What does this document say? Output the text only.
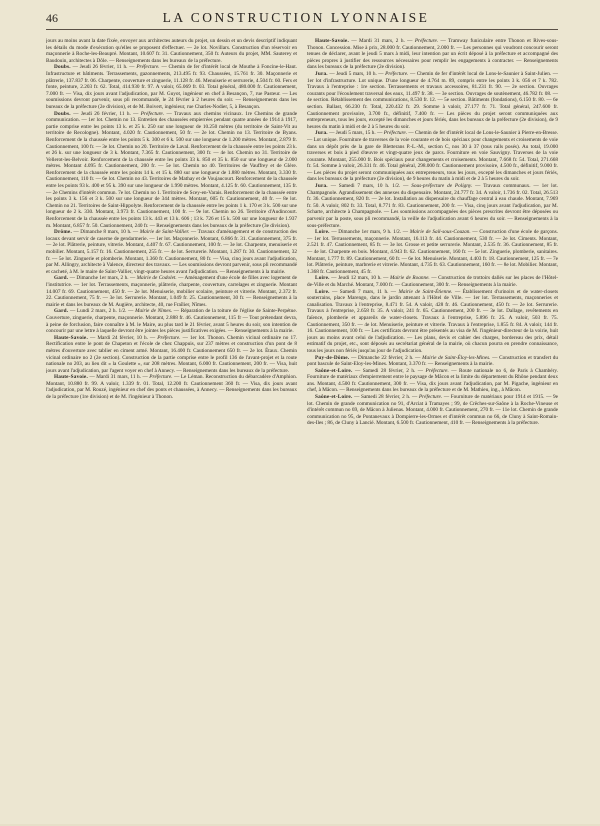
46	LA CONSTRUCTION LYONNAISE

jours au moins avant la date fixée, envoyer aux architectes auteurs du projet, un dessin et un devis descriptif indiquant les détails du mode d'exécution qu'elles se proposent d'effectuer. — 2e lot. Novillars. Construction d'un réservoir en maçonnerie à Roche-les-Beaupré. Montant, 10.607 fr. 31. Cautionnement, 350 fr. Auteurs du projet, MM. Sauterey et Baudouin, architectes à Dôle. — Renseignements dans les bureaux de la préfecture.

Doubs. — Jeudi 26 février, 11 h. — Préfecture. — Chemin de fer d'intérêt local de Mouthe à Foncine-le-Haut. Infrastructure et bâtiments. Terrassements, gazonnements, 213.495 fr. 93. Chaussées, 15.761 fr. 30. Maçonnerie et plâtrerie, 137.837 fr. 06. Charpente, couverture et zinguerie, 11.128 fr. 46. Menuiserie et serrurerie, 4.504 fr. 60. Fers et fonte, peinture, 2.203 fr. 62. Total, 414.930 fr. 97. A valoir, 65.069 fr. 03. Total général, 480.000 fr. Cautionnement, 7.000 fr. — Visa, dix jours avant l'adjudication, par M. Guyot, ingénieur en chef à Besançon, 7, rue Pasteur. — Les soumissions devront parvenir, sous pli recommandé, le 24 février à 2 heures du soir. — Renseignements dans les bureaux de la préfecture (2e division), et de M. Boivert, ingénieur, rue Charles-Nodier, 5, à Besançon.

Doubs. — Jeudi 26 février, 11 h. — Préfecture. — Travaux aux chemins vicinaux. 1re Chemins de grande communication. — 1er lot. Chemin no 13. Entretien des chaussées empierrées pendant quatre années de 1914 à 1917, partie comprise entre les points 13 k. et 25 k. 250 sur une longueur de 10.250 mètres (du territoire de Saint-Vit au territoire de Recologne). Montant, 4.020 fr. Cautionnement, 50 fr. — 2e lot. Chemin no 13. Territoire de Byans. Renforcement de la chaussée entre les points 5 k. 300 et 6 k. 500 sur une longueur de 1.200 mètres. Montant, 2.879 fr. Cautionnement, 100 fr. — 3e lot. Chemin no 20. Territoire de Laval. Renforcement de la chaussée entre les points 23 k. et 26 k. sur une longueur de 3 k. Montant, 7.365 fr. Cautionnement, 300 fr. — 4e lot. Chemin no 31. Territoire de Vellerot-les-Belvoir. Renforcement de la chaussée entre les points 33 k. 850 et 35 k. 850 sur une longueur de 2.000 mètres. Montant 4.095 fr. Cautionnement, 200 fr. — 5e lot. Chemin no 40. Territoires de Vauffrey et de Glère. Renforcement de la chaussée entre les points 14 k. et 15 k. 880 sur une longueur de 1.880 mètres. Montant, 3.330 fr. Cautionnement, 110 fr. — 6e lot. Chemin no 43. Territoires de Mathay et de Voujaucourt. Renforcement de la chaussée entre les points 93 k. 400 et 95 k. 390 sur une longueur de 1.990 mètres. Montant, 4.125 fr. 60. Cautionnement, 135 fr. — 2e Chemins d'intérêt commun. 7e lot. Chemin no 1. Territoire de Scey-en-Varais. Renforcement de la chaussée entre les points 3 k. 156 et 3 k. 500 sur une longueur de 344 mètres. Montant, 605 fr. Cautionnement, 40 fr. — 8e lot. Chemin no 21. Territoires de Saint-Hippolyte. Renforcement de la chaussée entre les points 1 k. 170 et 3 k. 500 sur une longueur de 2 k. 330. Montant, 3.973 fr. Cautionnement, 100 fr. — 9e lot. Chemin no 26. Territoire d'Audincourt. Renforcement de la chaussée entre les points 13 k. 443 et 13 k. 606 ; 13 k. 726 et 15 k. 500 sur une longueur de 1.937 m. Montant, 6.857 fr. 50. Cautionnement, 240 fr. — Renseignements dans les bureaux de la préfecture (3e division).

Drôme. — Dimanche 8 mars, 10 h. — Mairie de Saint-Vallier. — Travaux d'aménagement et de construction des locaux devant servir de caserne de gendarmerie. — 1er lot. Maçonnerie. Montant, 6.866 fr. 31. Cautionnement, 375 fr. — 2e lot. Plâtrerie, peinture, vitrerie. Montant, 4.407 fr. 67. Cautionnement, 100 fr. — 3e lot. Charpente, menuiserie et mobilier. Montant, 5.157 fr. 16. Cautionnement, 255 fr. — 4e lot. Serrurerie. Montant, 1.287 fr. 30. Cautionnement, 32 fr. — 5e lot. Zinguerie et plomberie. Montant, 1.360 fr. Cautionnement, 80 fr. — Visa, cinq jours avant l'adjudication, par M. Allingry, architecte à Valence, directeur des travaux. — Les soumissions devront parvenir, sous pli recommandé et cacheté, à M. le maire de Saint-Vallier, vingt-quatre heures avant l'adjudication. — Renseignements à la mairie.

Gard. — Dimanche 1er mars, 2 h. — Mairie de Codolet. — Aménagement d'une école de filles avec logement de l'institutrice. — 1er lot. Terrassements, maçonnerie, plâtrerie, charpente, couverture, carrelages et zinguerie. Montant 14.007 fr. 69. Cautionnement, 450 fr. — 2e lot. Menuiserie, mobilier scolaire, peinture et vitrerie. Montant, 2.372 fr. 22. Cautionnement, 75 fr. — 3e lot. Serrurerie. Montant, 1.049 fr. 25. Cautionnement, 30 fr. — Renseignements à la mairie et dans les bureaux de M. Augière, architecte, 40, rue Fraîlier, Nîmes.

Gard. — Lundi 2 mars, 2 h. 1/2. — Mairie de Nîmes. — Réparation de la toiture de l'église de Sainte-Perpétue. Couverture, zinguerie, charpente, maçonnerie. Montant, 2.888 fr. 46. Cautionnement, 115 fr — Tout prétendant devra, à peine de forclusion, faire connaître à M. le Maire, au plus tard le 21 février, avant 5 heures du soir, son intention de concourir par une lettre à laquelle devront être jointes les pièces justificatives exigées. — Renseignements à la mairie.

Haute-Savoie. — Mardi 24 février, 10 h. — Préfecture. — 1er lot. Thonon. Chemin vicinal ordinaire no 17. Rectification entre le pont de Chapeton et l'école de chez Chappuis, sur 237 mètres et construction d'un pont de 8 mètres d'ouverture avec tablier en ciment armé. Montant, 16.400 fr. Cautionnement 650 fr. — 2e lot. Étaux. Chemin vicinal ordinaire no 2 (2e section). Construction de la partie comprise entre le profil 136 de l'avant-projet et la route nationale no 203, au lieu dit « la Goulette », sur 208 mètres. Montant, 6.000 fr. Cautionnement, 200 fr. — Visa, huit jours avant l'adjudication, par l'agent voyer en chef à Annecy. — Renseignements dans les bureaux de la préfecture.

Haute-Savoie. — Mardi 31 mars, 11 h. — Préfecture. — Le Léman. Reconstruction du débarcadère d'Amphion. Montant, 10.880 fr. 99. A valoir, 1.339 fr. 01. Total, 12.200 fr. Cautionnement 360 fr. — Visa, dix jours avant l'adjudication, par M. Rouzé, ingénieur en chef des ponts et chaussées, à Annecy. — Renseignements dans les bureaux de la préfecture (1re division) et de M. l'ingénieur à Thonon.

Haute-Savoie. — Mardi 31 mars, 2 h. — Préfecture. — Tramway funiculaire entre Thonon et Rives-sous-Thonon. Concession. Mise à prix, 28.000 fr. Cautionnement, 2.000 fr. — Les personnes qui voudront concourir seront tenues de déclarer, avant le jeudi 5 mars à midi, leur intention par un écrit déposé à la préfecture et accompagné des pièces propres à justifier des ressources nécessaires pour remplir les engagements à contracter. — Renseignements dans les bureaux de la préfecture (2e division).

Jura. — Jeudi 5 mars, 10 h. — Préfecture. — Chemin de fer d'intérêt local de Lons-le-Saunier à Saint-Julien. — 1er lot d'infrastructure. Lot unique. D'une longueur de 4.764 m. 89, compris entre les points 3 k. 056 et 7 k. 782. Travaux à l'entreprise : 1re section. Terrassements et travaux accessoires, 81.231 fr. 90. — 2e section. Ouvrages courants pour l'écoulement traversal des eaux, 11.497 fr. 38. — 3e section. Ouvrages de soutènement, 46.782 fr. 08. — 4e section. Rétablissement des communications, 8.530 fr. 12. — 5e section. Bâtiments (fondations), 6.150 fr. 80. — 6e section. Ballast, 66.230 fr. Total, 220.432 fr. 29. Somme à valoir, 27.177 fr. 71. Total général, 247.600 fr. Cautionnement provisoire, 3.700 fr., définitif, 7.400 fr. — Les pièces du projet seront communiquées aux entrepreneurs, tous les jours, excepté les dimanches et jours fériés, dans les bureaux de la préfecture (2e division), de 9 heures du matin à midi et de 2 à 5 heures du soir.

Jura. — Jeudi 5 mars, 15 h. — Préfecture. — Chemin de fer d'intérêt local de Lons-le-Saunier à Pierre-en-Bresse. — Lot unique. Fourniture de traverses de la voie courante et de bois spéciaux pour changements et croisements de voie dans un dépôt près de la gare de Bletterans P.-L.-M., section C, nos 30 à 37 (tous rails posés). Au total, 19.000 traverses et bois à pied d'œuvre et vingt-quatre jeux de parcs. Fourniture en voie Sauvigny. Traverses de la voie courante. Montant, 255.000 fr. Bois spéciaux pour changements et croisements. Montant, 7.668 fr. 54. Total, 271.668 fr. 54. Somme à valoir, 26.331 fr. 46. Total général, 298.000 fr. Cautionnement provisoire, 4.500 fr., définitif, 9.000 fr. — Les pièces du projet seront communiquées aux entrepreneurs, tous les jours, excepté les dimanches et jours fériés, dans les bureaux de la préfecture (2e division), de 9 heures du matin à midi et de 2 à 5 heures du soir.

Jura. — Samedi 7 mars, 10 h. 1/2. — Sous-préfecture de Poligny. — Travaux communaux. — 1er lot. Champagnole. Agrandissement des annexes du dispensaire. Montant, 24.777 fr. 34. A valoir, 1.736 fr. 02. Total, 26.513 fr. 36. Cautionnement, 820 fr. — 2e lot. Installation au dispensaire du chauffage central à eau chaude. Montant, 7.969 fr. 50. A valoir, 802 fr. 33. Total, 8.771 fr. 83. Cautionnement, 200 fr. — Visa, cinq jours avant l'adjudication, par M. Scharte, architecte à Champagnole. — Les soumissions accompagnées des pièces prescrites devront être déposées ou parvenir par la poste, sous pli recommandé, la veille de l'adjudication avant 6 heures du soir. — Renseignements à la sous-préfecture.

Loire. — Dimanche 1er mars, 9 h. 1/2. — Mairie de Sail-sous-Couzan. — Construction d'une école de garçons. — 1er lot. Terrassements, maçonnerie. Montant, 16.113 fr. 44. Cautionnement, 530 fr. — 2e lot. Ciments. Montant, 2.521 fr. 47. Cautionnement, 85 fr. — 3e lot. Grosse et petite serrurerie. Montant, 2.535 fr. 36. Cautionnement, 85 fr. — 4e lot. Charpente en bois. Montant, 4.943 fr. 62. Cautionnement, 160 fr. — 5e lot. Zinguerie, plomberie, sanitaires. Montant, 1.777 fr. 89. Cautionnement, 60 fr. — 6e lot. Menuiserie. Montant, 4.403 fr. 18. Cautionnement, 125 fr. — 7e lot. Plâtrerie, peinture, marbrerie et vitrerie. Montant, 4.735 fr. 63. Cautionnement, 160 fr. — 8e lot. Mobilier. Montant, 1.368 fr. Cautionnement, 45 fr.

Loire. — Jeudi 12 mars, 10 h. — Mairie de Roanne. — Construction de trottoirs dallés sur les places de l'Hôtel-de-Ville et du Marché. Montant, 7.000 fr. — Cautionnement, 300 fr. — Renseignements à la mairie.

Loire. — Samedi 7 mars, 11 h. — Mairie de Saint-Étienne. — Établissement d'urinoirs et de water-closets souterrains, place Marengo, dans le jardin attenant à l'Hôtel de Ville. — 1er lot. Terrassements, maçonneries et canalisation. Travaux à l'entreprise, 8.471 fr. 54. A valoir, 428 fr. 46. Cautionnement, 450 fr. — 2e lot. Serrurerie. Travaux à l'entreprise, 2.658 fr. 35. A valoir, 241 fr. 65. Cautionnement, 200 fr. — 3e lot. Dallage, revêtements en faïence, plomberie et appareils de water-closets. Travaux à l'entreprise, 5.896 fr. 25. A valoir, 503 fr. 75. Cautionnement, 350 fr. — 4e lot. Menuiserie, peinture et vitrerie. Travaux à l'entreprise, 1.855 fr. 84. A valoir, 144 fr. 16. Cautionnement, 100 fr. — Les certificats devront être présentés au visa de M. l'ingénieur-directeur de la voirie, huit jours au moins avant celui de l'adjudication. — Les plans, devis et cahier des charges, bordereau des prix, détail estimatif du projet, etc., sont déposés au secrétariat général de la mairie, où chacun pourra en prendre connaissance, tous les jours non fériés jusqu'au jour de l'adjudication.

Puy-de-Dôme. — Dimanche 22 février, 2 h. — Mairie de Saint-Éloy-les-Mines. — Construction et transfert du pont bascule de Saint-Eloy-les-Mines. Montant, 3.370 fr. — Renseignements à la mairie.

Saône-et-Loire. — Samedi 28 février, 2 h. — Préfecture. — Route nationale no 6, de Paris à Chambéry. Fourniture de matériaux d'empierrement entre le paysage de Mâcon et la limite du département du Rhône pendant deux ans. Montant, 4.500 fr. Cautionnement, 300 fr. — Visa, dix jours avant l'adjudication, par M. Pigache, ingénieur en chef, à Mâcon. — Renseignements dans les bureaux de la préfecture et de M. Mathieu, ing., à Mâcon.

Saône-et-Loire. — Samedi 28 février, 2 h. — Préfecture. — Fourniture de matériaux pour 1914 et 1915. — 9e lot. Chemin de grande communication no 91, d'Arciat à Tramayes ; 99, de Crêches-sur-Saône à la Roche-Vineuse et d'intérêt commun no 69, de Mâcon à Julienas. Montant, 4.000 fr. Cautionnement, 270 fr. — 11e lot. Chemin de grande communication no 95, de Pontanevaux à Dompierre-les-Ormes et d'intérêt commun no 66, de Cluny à Saint-Romain-des-Iles ; 86, de Cluny à Lancié. Montant, 6.500 fr. Cautionnement, 410 fr. — Renseignements à la préfecture.
